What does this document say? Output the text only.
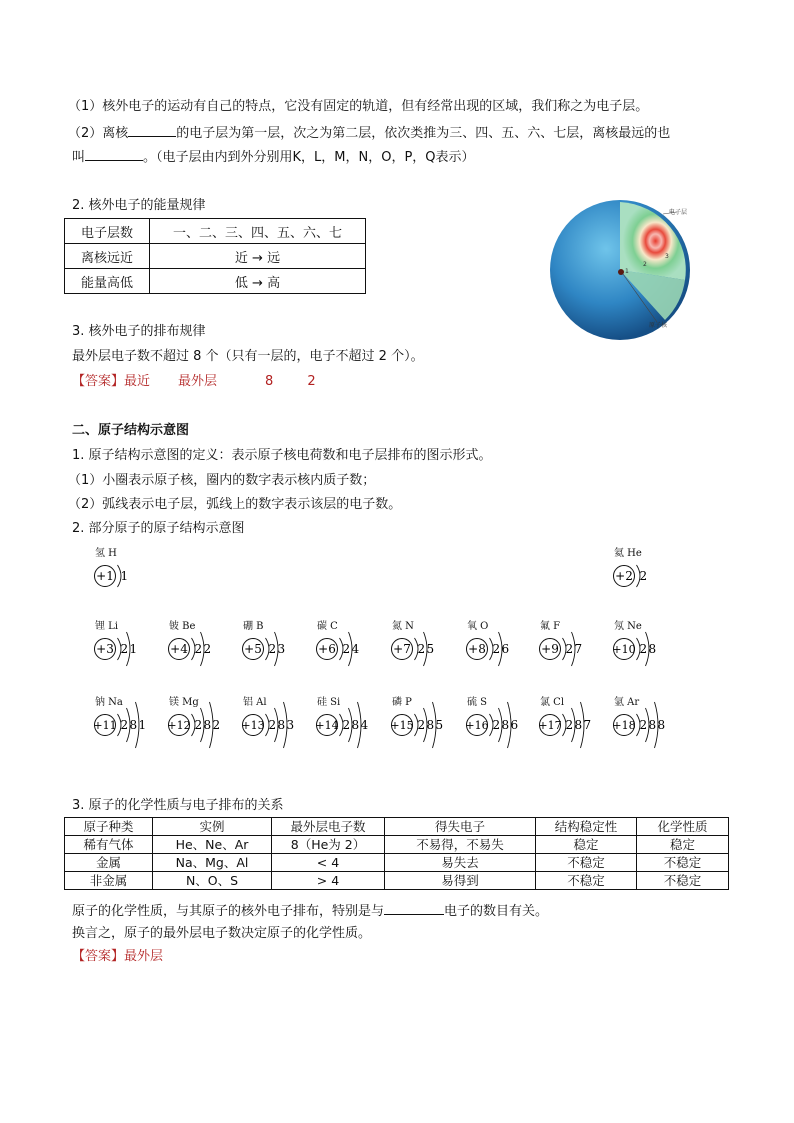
（1）核外电子的运动有自己的特点，它没有固定的轨道，但有经常出现的区域，我们称之为电子层。
（2）离核	的电子层为第一层，次之为第二层，依次类推为三、四、五、六、七层，离核最远的也
叫	。（电子层由内到外分别用K，L，M，N，O，P，Q表示）
2. 核外电子的能量规律
电子层数	一、二、三、四、五、六、七
离核远近	近 → 远
能量高低	低 → 高
电子层
原子核
1
2
3
3. 核外电子的排布规律
最外层电子数不超过 8 个（只有一层的，电子不超过 2 个）。
【答案】最近 最外层	8	2
二、原子结构示意图
1. 原子结构示意图的定义：表示原子核电荷数和电子层排布的图示形式。
（1）小圈表示原子核，圈内的数字表示核内质子数；
（2）弧线表示电子层，弧线上的数字表示该层的电子数。
2. 部分原子的原子结构示意图
氢 H
+1 1
氦 He
+2 2
锂 Li
+3 2 1
铍 Be
+4 2 2
硼 B
+5 2 3
碳 C
+6 2 4
氮 N
+7 2 5
氧 O
+8 2 6
氟 F
+9 2 7
氖 Ne
+10 2 8
钠 Na
+11 2 8 1
镁 Mg
+12 2 8 2
铝 Al
+13 2 8 3
硅 Si
+14 2 8 4
磷 P
+15 2 8 5
硫 S
+16 2 8 6
氯 Cl
+17 2 8 7
氩 Ar
+18 2 8 8
3. 原子的化学性质与电子排布的关系
原子种类	实例	最外层电子数	得失电子	结构稳定性	化学性质
稀有气体	He、Ne、Ar	8（He为 2）	不易得，不易失	稳定	稳定
金属	Na、Mg、Al	< 4	易失去	不稳定	不稳定
非金属	N、O、S	> 4	易得到	不稳定	不稳定
原子的化学性质，与其原子的核外电子排布，特别是与	电子的数目有关。
换言之，原子的最外层电子数决定原子的化学性质。
【答案】最外层
